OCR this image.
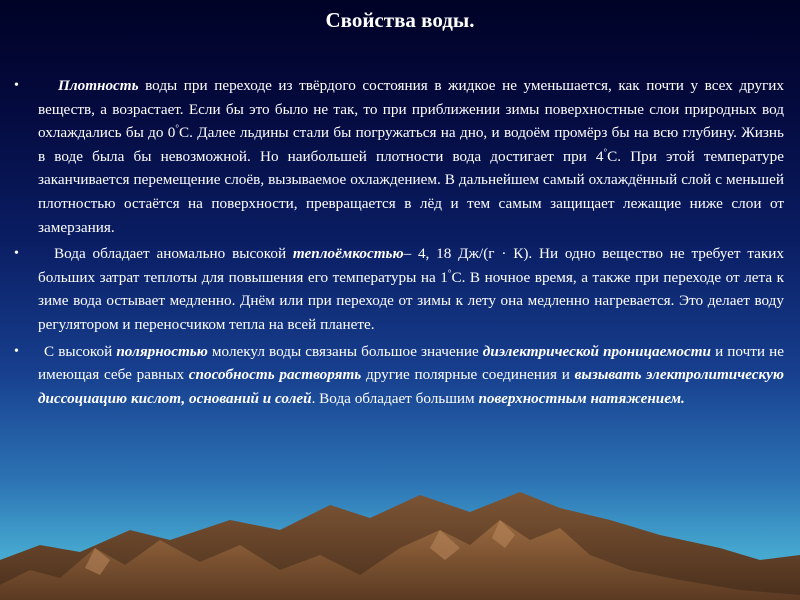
Свойства воды.
•	Плотность воды при переходе из твёрдого состояния в жидкое не уменьшается, как почти у всех других веществ, а возрастает. Если бы это было не так, то при приближении зимы поверхностные слои природных вод охлаждались бы до 0°С. Далее льдины стали бы погружаться на дно, и водоём промёрз бы на всю глубину. Жизнь в воде была бы невозможной. Но наибольшей плотности вода достигает при 4°С. При этой температуре заканчивается перемещение слоёв, вызываемое охлаждением. В дальнейшем самый охлаждённый слой с меньшей плотностью остаётся на поверхности, превращается в лёд и тем самым защищает лежащие ниже слои от замерзания.
• Вода обладает аномально высокой теплоёмкостью– 4, 18 Дж/(г · К). Ни одно вещество не требует таких больших затрат теплоты для повышения его температуры на 1°С. В ночное время, а также при переходе от лета к зиме вода остывает медленно. Днём или при переходе от зимы к лету она медленно нагревается. Это делает воду регулятором и переносчиком тепла на всей планете.
• С высокой полярностью молекул воды связаны большое значение диэлектрической проницаемости и почти не имеющая себе равных способность растворять другие полярные соединения и вызывать электролитическую диссоциацию кислот, оснований и солей. Вода обладает большим поверхностным натяжением.
